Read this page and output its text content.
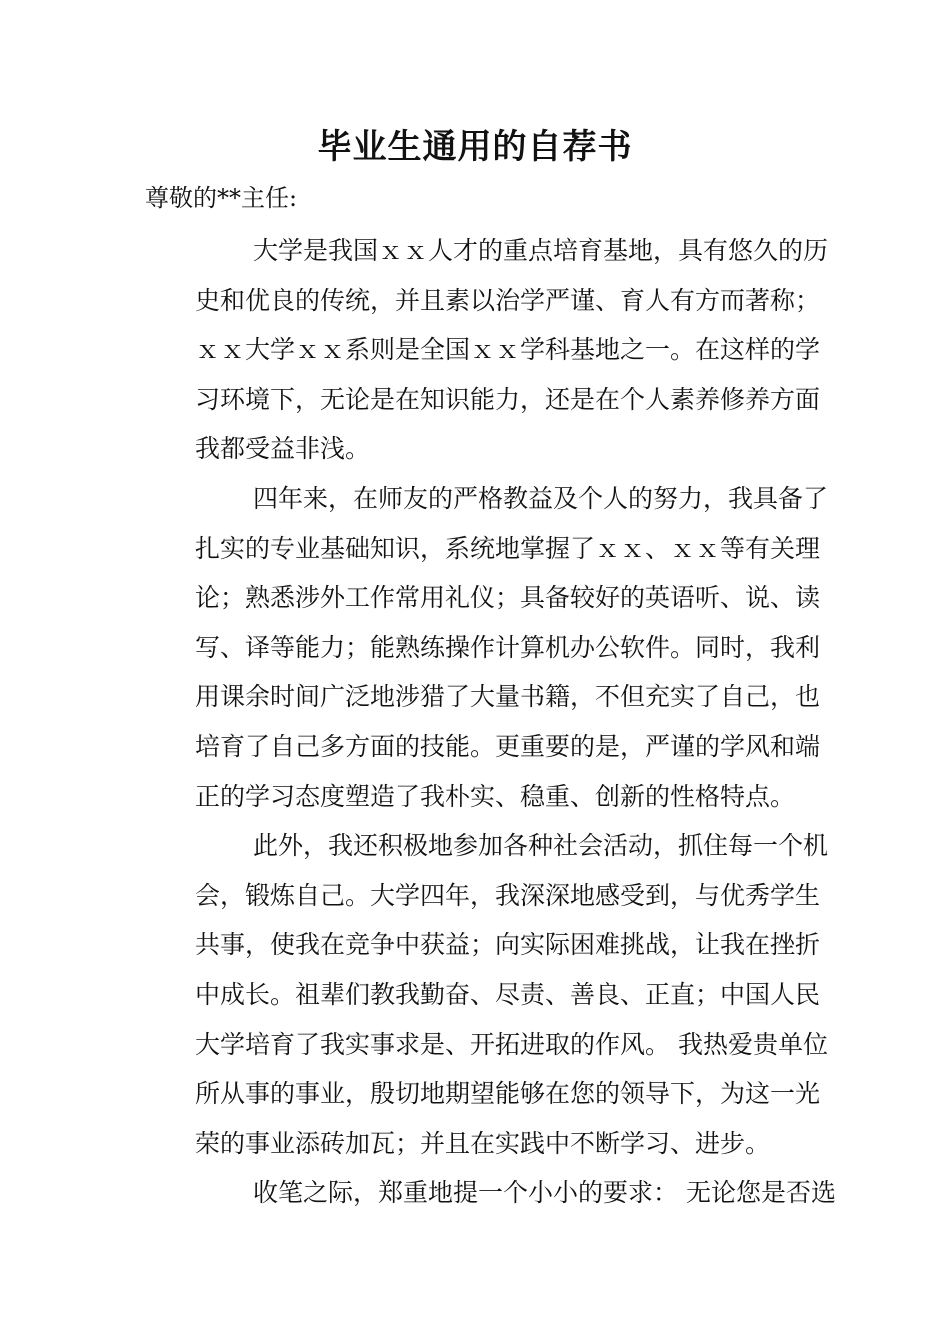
毕业生通用的自荐书

尊敬的**主任:

大学是我国ｘｘ人才的重点培育基地，具有悠久的历
史和优良的传统，并且素以治学严谨、育人有方而著称；
ｘｘ大学ｘｘ系则是全国ｘｘ学科基地之一。在这样的学
习环境下，无论是在知识能力，还是在个人素养修养方面
我都受益非浅。
四年来，在师友的严格教益及个人的努力，我具备了
扎实的专业基础知识，系统地掌握了ｘｘ、ｘｘ等有关理
论；熟悉涉外工作常用礼仪；具备较好的英语听、说、读
写、译等能力；能熟练操作计算机办公软件。同时，我利
用课余时间广泛地涉猎了大量书籍，不但充实了自己，也
培育了自己多方面的技能。更重要的是，严谨的学风和端
正的学习态度塑造了我朴实、稳重、创新的性格特点。
此外，我还积极地参加各种社会活动，抓住每一个机
会，锻炼自己。大学四年，我深深地感受到，与优秀学生
共事，使我在竞争中获益；向实际困难挑战，让我在挫折
中成长。祖辈们教我勤奋、尽责、善良、正直；中国人民
大学培育了我实事求是、开拓进取的作风。 我热爱贵单位
所从事的事业，殷切地期望能够在您的领导下，为这一光
荣的事业添砖加瓦；并且在实践中不断学习、进步。
收笔之际，郑重地提一个小小的要求： 无论您是否选
